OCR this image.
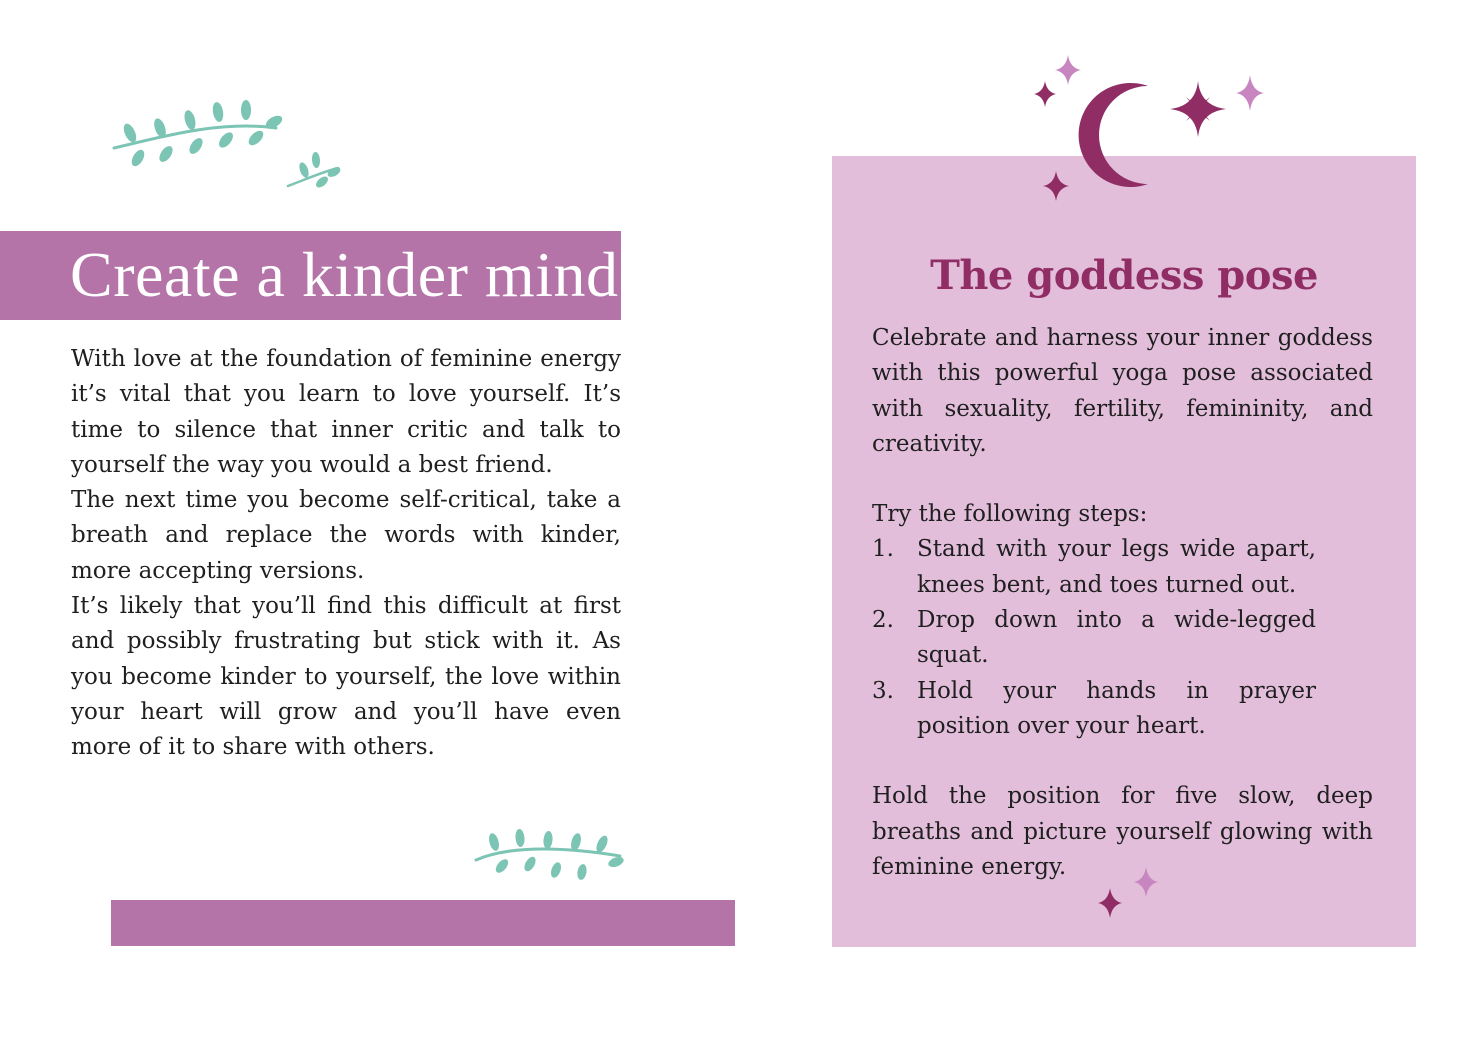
Create a kinder mind

With love at the foundation of feminine energy it’s vital that you learn to love yourself. It’s time to silence that inner critic and talk to yourself the way you would a best friend.

The next time you become self-critical, take a breath and replace the words with kinder, more accepting versions.

It’s likely that you’ll find this difficult at first and possibly frustrating but stick with it. As you become kinder to yourself, the love within your heart will grow and you’ll have even more of it to share with others.

The goddess pose

Celebrate and harness your inner goddess with this powerful yoga pose associated with sexuality, fertility, femininity, and creativity.

Try the following steps:
1.	Stand with your legs wide apart, knees bent, and toes turned out.
2.	Drop down into a wide-legged squat.
3.	Hold your hands in prayer position over your heart.

Hold the position for five slow, deep breaths and picture yourself glowing with feminine energy.
